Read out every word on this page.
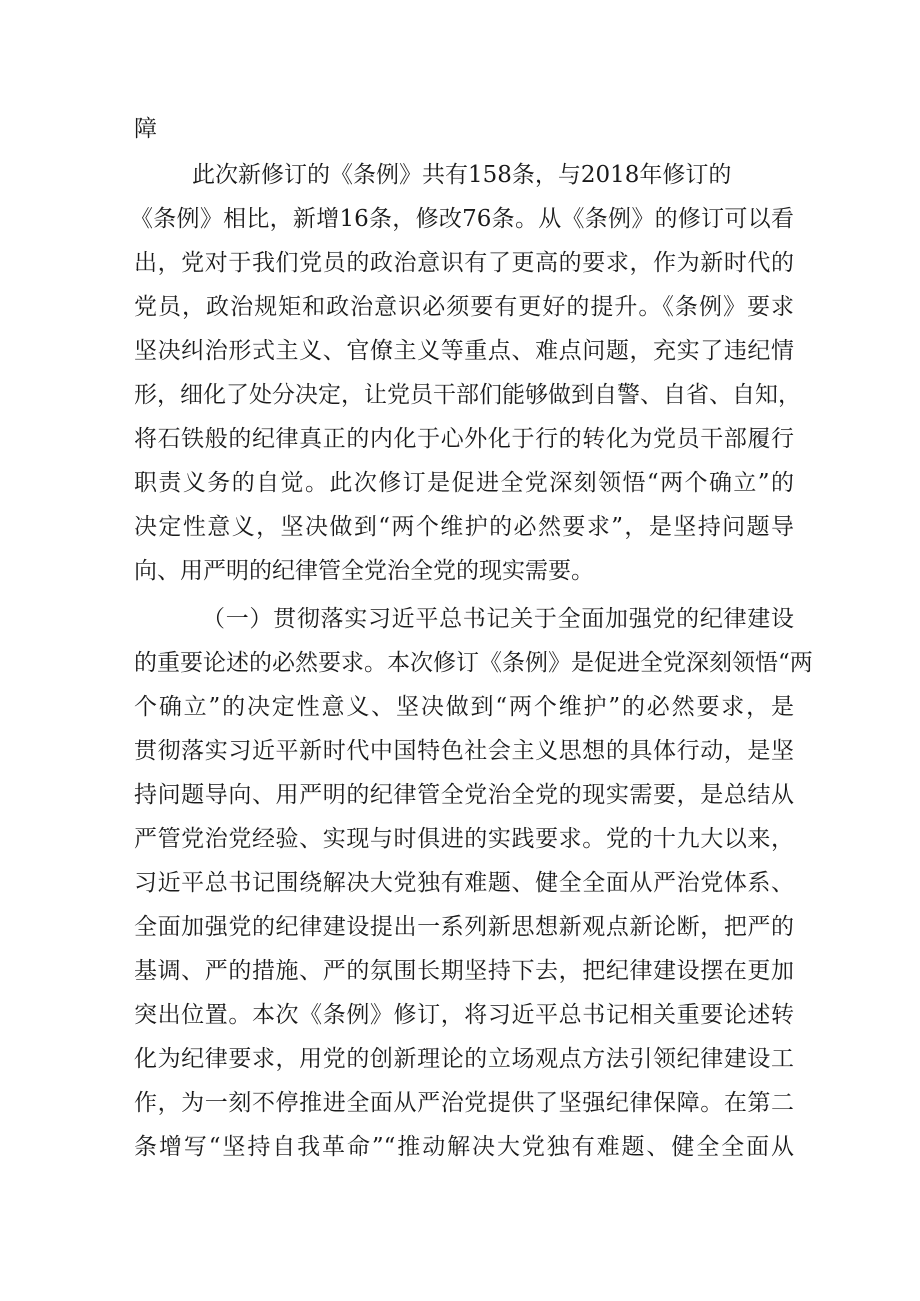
障
此次新修订的《条例》共有158条，与2018年修订的
《条例》相比，新增16条，修改76条。从《条例》的修订可以看
出，党对于我们党员的政治意识有了更高的要求，作为新时代的
党员，政治规矩和政治意识必须要有更好的提升。《条例》要求
坚决纠治形式主义、官僚主义等重点、难点问题，充实了违纪情
形，细化了处分决定，让党员干部们能够做到自警、自省、自知，
将石铁般的纪律真正的内化于心外化于行的转化为党员干部履行
职责义务的自觉。此次修订是促进全党深刻领悟“两个确立”的
决定性意义，坚决做到“两个维护的必然要求”，是坚持问题导
向、用严明的纪律管全党治全党的现实需要。
（一）贯彻落实习近平总书记关于全面加强党的纪律建设
的重要论述的必然要求。本次修订《条例》是促进全党深刻领悟“两
个确立”的决定性意义、坚决做到“两个维护”的必然要求，是
贯彻落实习近平新时代中国特色社会主义思想的具体行动，是坚
持问题导向、用严明的纪律管全党治全党的现实需要，是总结从
严管党治党经验、实现与时俱进的实践要求。党的十九大以来，
习近平总书记围绕解决大党独有难题、健全全面从严治党体系、
全面加强党的纪律建设提出一系列新思想新观点新论断，把严的
基调、严的措施、严的氛围长期坚持下去，把纪律建设摆在更加
突出位置。本次《条例》修订，将习近平总书记相关重要论述转
化为纪律要求，用党的创新理论的立场观点方法引领纪律建设工
作，为一刻不停推进全面从严治党提供了坚强纪律保障。在第二
条增写“坚持自我革命”“推动解决大党独有难题、健全全面从
